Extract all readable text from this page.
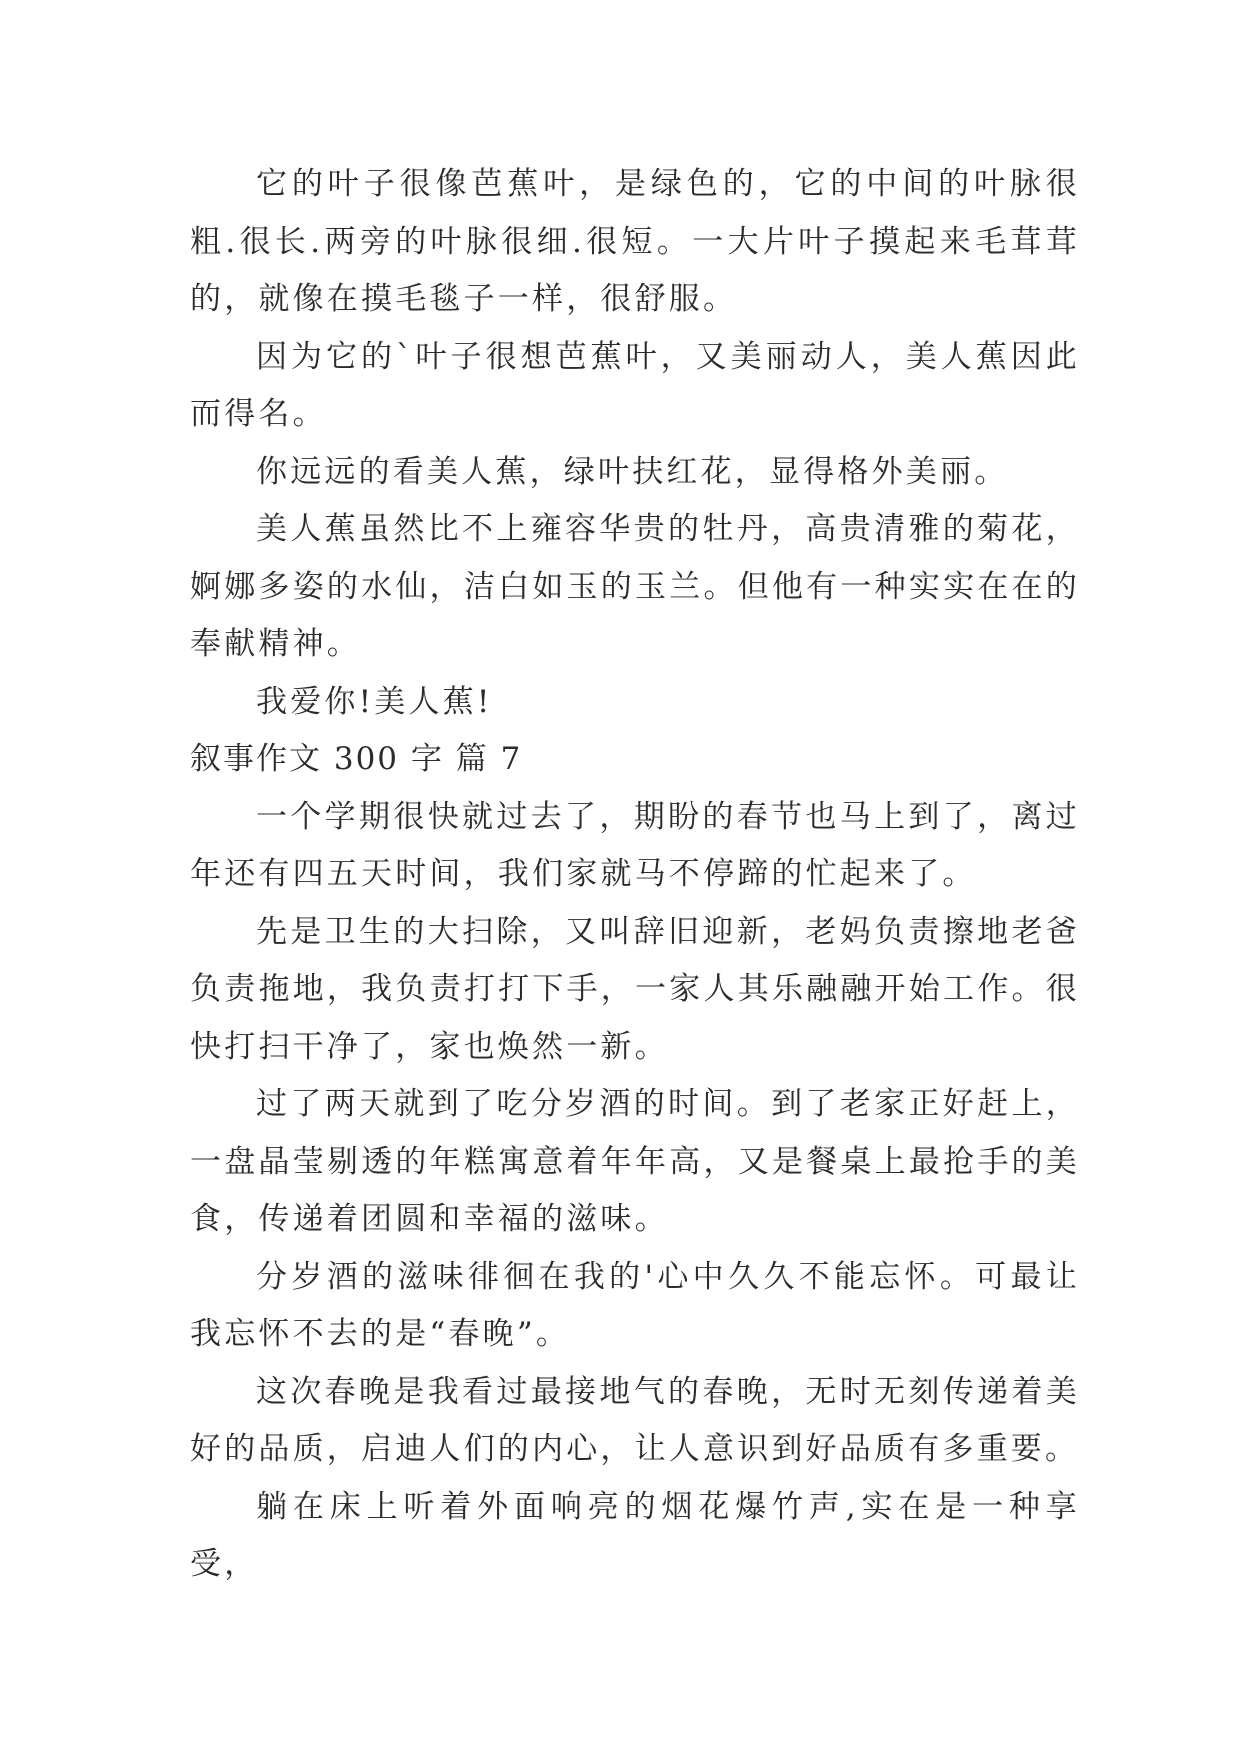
它的叶子很像芭蕉叶，是绿色的，它的中间的叶脉很粗.很长.两旁的叶脉很细.很短。一大片叶子摸起来毛茸茸的，就像在摸毛毯子一样，很舒服。

因为它的`叶子很想芭蕉叶，又美丽动人，美人蕉因此而得名。

你远远的看美人蕉，绿叶扶红花，显得格外美丽。

美人蕉虽然比不上雍容华贵的牡丹，高贵清雅的菊花，婀娜多姿的水仙，洁白如玉的玉兰。但他有一种实实在在的奉献精神。

我爱你!美人蕉!

叙事作文 300 字 篇 7

一个学期很快就过去了，期盼的春节也马上到了，离过年还有四五天时间，我们家就马不停蹄的忙起来了。

先是卫生的大扫除，又叫辞旧迎新，老妈负责擦地老爸负责拖地，我负责打打下手，一家人其乐融融开始工作。很快打扫干净了，家也焕然一新。

过了两天就到了吃分岁酒的时间。到了老家正好赶上，一盘晶莹剔透的年糕寓意着年年高，又是餐桌上最抢手的美食，传递着团圆和幸福的滋味。

分岁酒的滋味徘徊在我的'心中久久不能忘怀。可最让我忘怀不去的是“春晚”。

这次春晚是我看过最接地气的春晚，无时无刻传递着美好的品质，启迪人们的内心，让人意识到好品质有多重要。

躺在床上听着外面响亮的烟花爆竹声,实在是一种享受，
